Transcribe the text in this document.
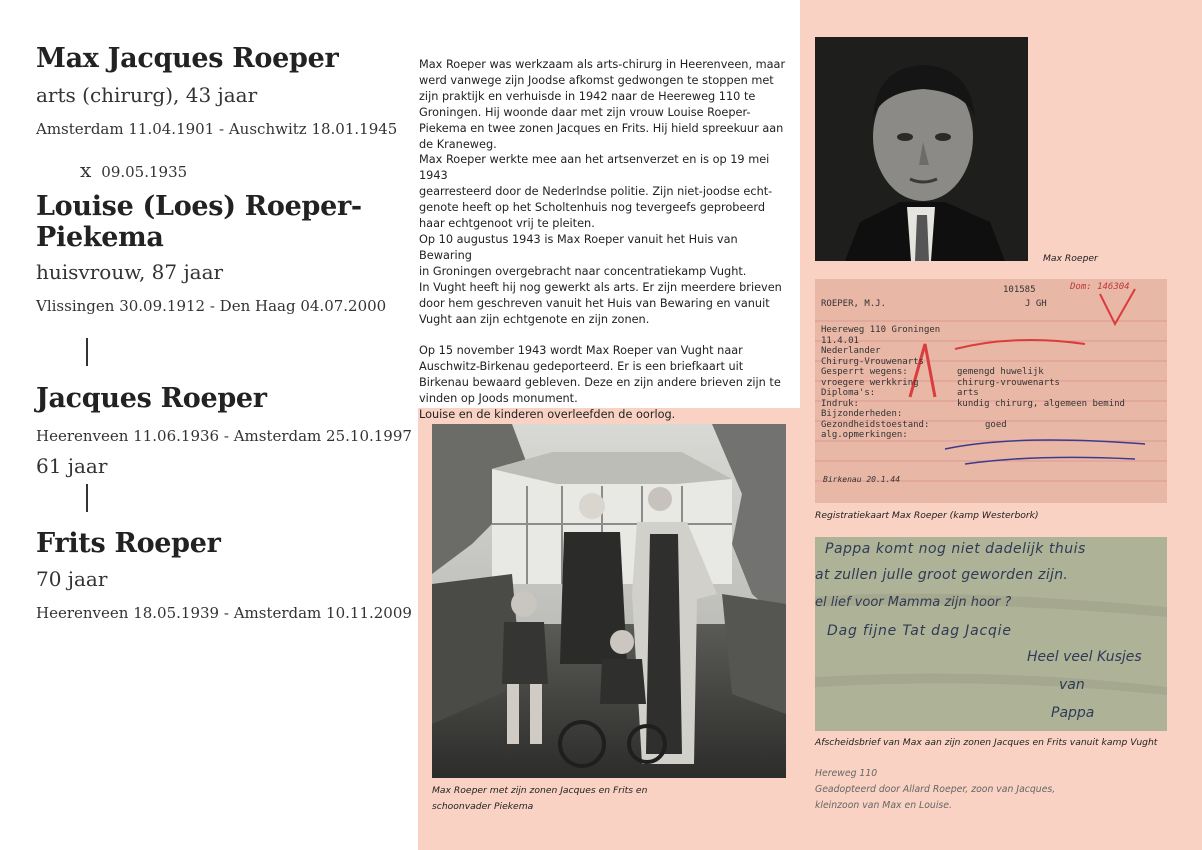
Max Jacques Roeper
arts (chirurg), 43 jaar
Amsterdam 11.04.1901 - Auschwitz 18.01.1945
x 09.05.1935
Louise (Loes) Roeper-
Piekema
huisvrouw, 87 jaar
Vlissingen 30.09.1912 - Den Haag 04.07.2000
Jacques Roeper
Heerenveen 11.06.1936 - Amsterdam 25.10.1997
61 jaar
Frits Roeper
70 jaar
Heerenveen 18.05.1939 - Amsterdam 10.11.2009

Max Roeper was werkzaam als arts-chirurg in Heerenveen, maar
werd vanwege zijn Joodse afkomst gedwongen te stoppen met
zijn praktijk en verhuisde in 1942 naar de Heereweg 110 te
Groningen. Hij woonde daar met zijn vrouw Louise Roeper-
Piekema en twee zonen Jacques en Frits. Hij hield spreekuur aan
de Kraneweg.
Max Roeper werkte mee aan het artsenverzet en is op 19 mei 1943
gearresteerd door de Nederlndse politie. Zijn niet-joodse echt-
genote heeft op het Scholtenhuis nog tevergeefs geprobeerd
haar echtgenoot vrij te pleiten.
Op 10 augustus 1943 is Max Roeper vanuit het Huis van Bewaring
in Groningen overgebracht naar concentratiekamp Vught.
In Vught heeft hij nog gewerkt als arts. Er zijn meerdere brieven
door hem geschreven vanuit het Huis van Bewaring en vanuit
Vught aan zijn echtgenote en zijn zonen.

Op 15 november 1943 wordt Max Roeper van Vught naar
Auschwitz-Birkenau gedeporteerd. Er is een briefkaart uit
Birkenau bewaard gebleven. Deze en zijn andere brieven zijn te
vinden op Joods monument.
Louise en de kinderen overleefden de oorlog.

Max Roeper met zijn zonen Jacques en Frits en
schoonvader Piekema
Max Roeper
101585	Dom: 146304
ROEPER, M.J.	J GH
Heereweg 110 Groningen
11.4.01
Nederlander
Chirurg-Vrouwenarts
Gesperrt wegens:	gemengd huwelijk
vroegere werkkring	chirurg-vrouwenarts
Diploma's:	arts
Indruk:	kundig chirurg, algemeen bemind
Bijzonderheden:
Gezondheidstoestand:	goed
alg.opmerkingen:
Birkenau 20.1.44
Registratiekaart Max Roeper (kamp Westerbork)
Pappa komt nog niet dadelijk thuis
at zullen julle groot geworden zijn.
el lief voor Mamma zijn hoor ?
Dag fijne Tat dag Jacqie
Heel veel Kusjes
van
Pappa
Afscheidsbrief van Max aan zijn zonen Jacques en Frits vanuit kamp Vught
Hereweg 110
Geadopteerd door Allard Roeper, zoon van Jacques,
kleinzoon van Max en Louise.
